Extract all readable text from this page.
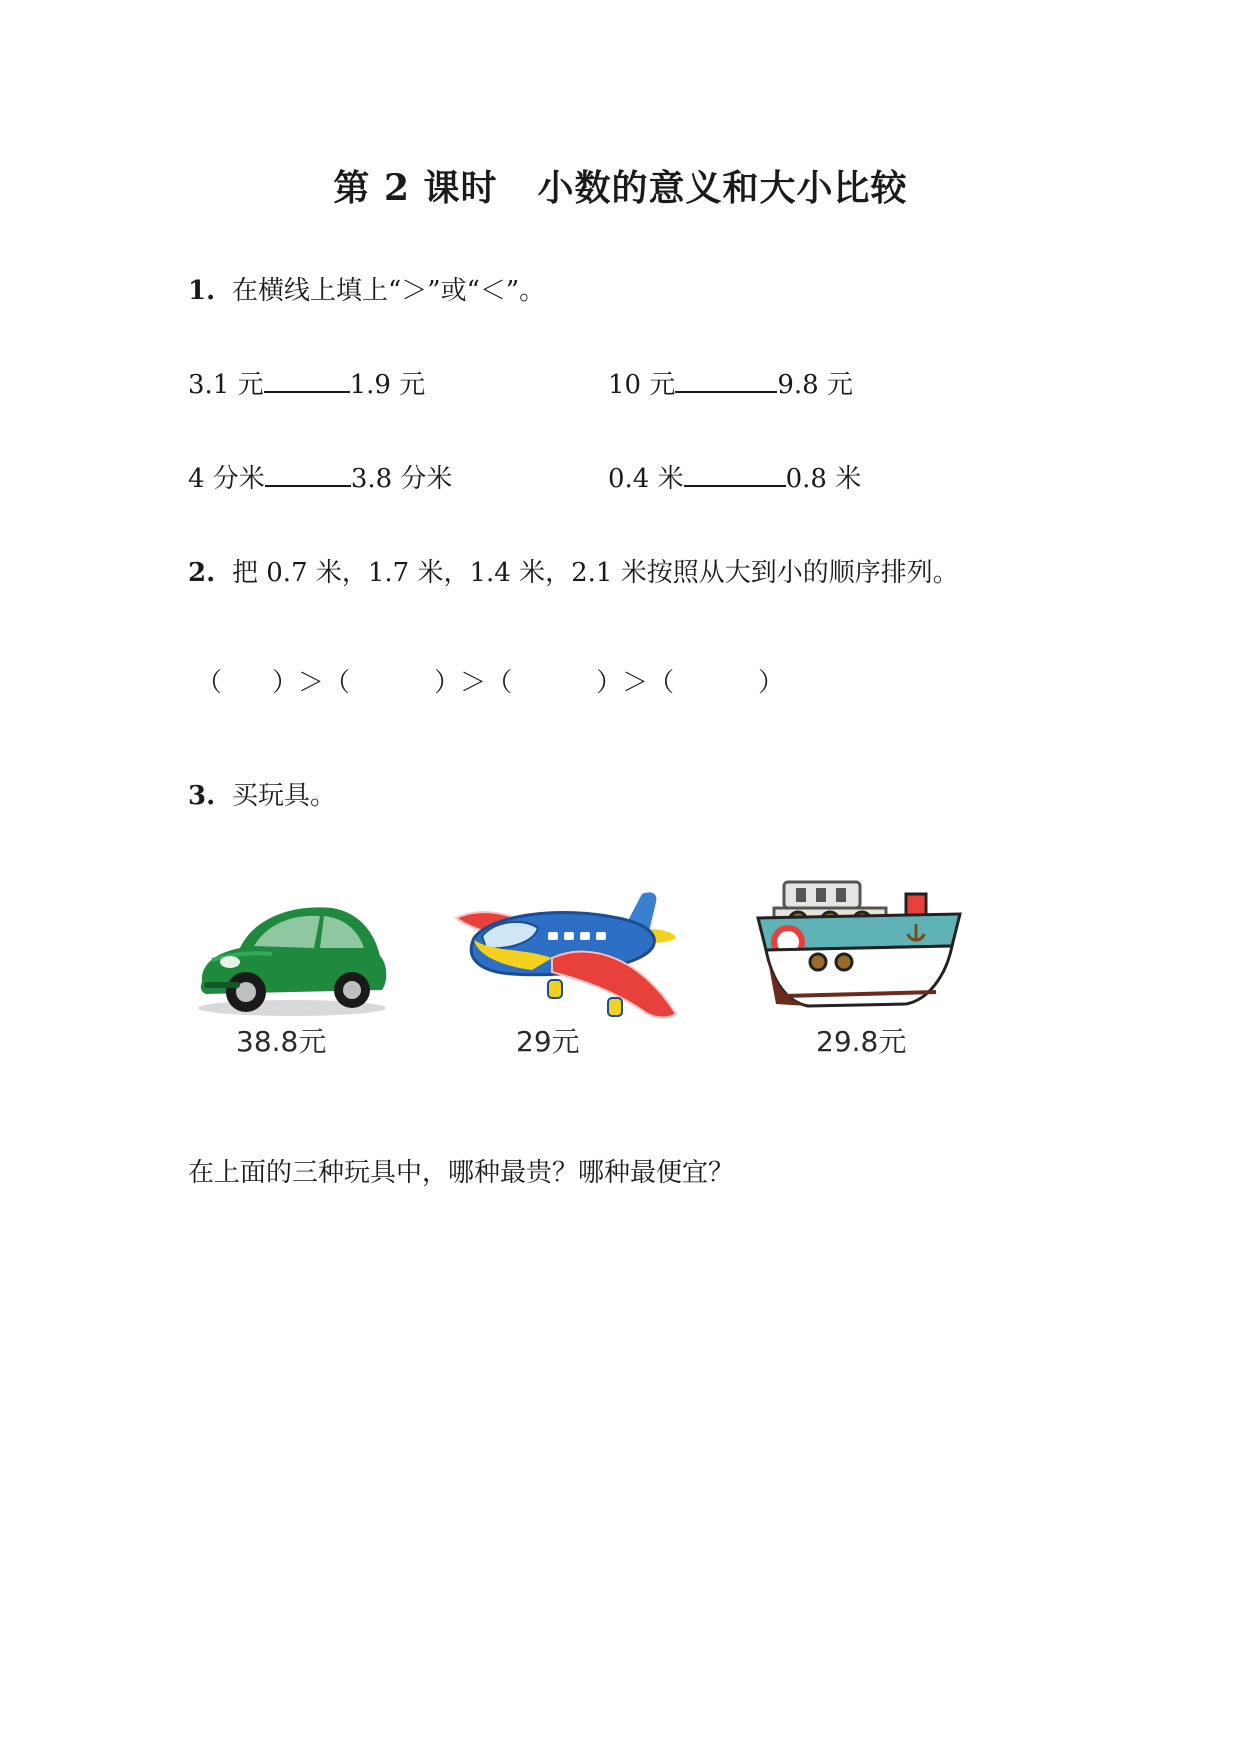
第 2 课时 小数的意义和大小比较
1. 在横线上填上“＞”或“＜”。
3.1 元	1.9 元	10 元	9.8 元
4 分米	3.8 分米	0.4 米	0.8 米
2. 把 0.7 米，1.7 米，1.4 米，2.1 米按照从大到小的顺序排列。
（ ）＞（	）＞（	）＞（	）
3. 买玩具。
38.8元	29元	29.8元
在上面的三种玩具中，哪种最贵？哪种最便宜？
